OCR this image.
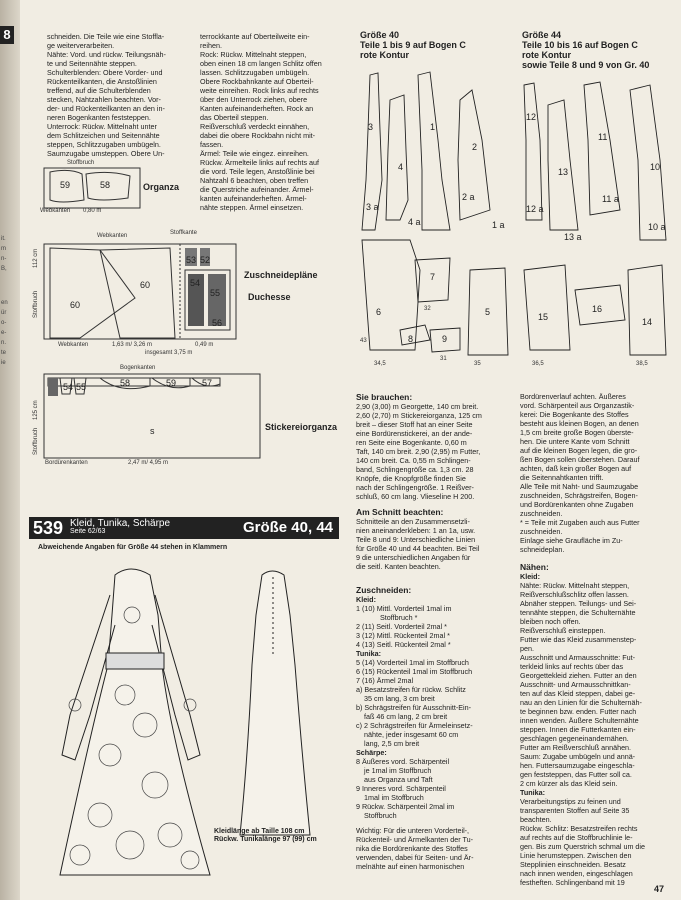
8
it.
m
n-
B,
en
ür
o-
e-
n.
te
ie

schneiden. Die Teile wie eine Stoffla-

ge weiterverarbeiten.

Nähte: Vord. und rückw. Teilungsnäh-

te und Seitennähte steppen.

Schulterblenden: Obere Vorder- und

Rückenteilkanten, die Anstoßlinien

treffend, auf die Schulterblenden

stecken, Nahtzahlen beachten. Vor-

der- und Rückenteilkanten an den in-

neren Bogenkanten feststeppen.

Unterrock: Rückw. Mittelnaht unter

dem Schlitzeichen und Seitennähte

steppen, Schlitzzugaben umbügeln.

Saumzugabe umsteppen. Obere Un-

terrockkante auf Oberteilweite ein-

reihen.

Rock: Rückw. Mittelnaht steppen,

oben einen 18 cm langen Schlitz offen

lassen. Schlitzzugaben umbügeln.

Obere Rockbahnkante auf Oberteil-

weite einreihen. Rock links auf rechts

über den Unterrock ziehen, obere

Kanten aufeinanderheften. Rock an

das Oberteil steppen.

Reißverschluß verdeckt einnähen,

dabei die obere Rockbahn nicht mit-

fassen.

Ärmel: Teile wie eingez. einreihen.

Rückw. Ärmelteile links auf rechts auf

die vord. Teile legen, Anstoßlinie bei

Nahtzahl 6 beachten, oben treffen

die Querstriche aufeinander. Ärmel-

kanten aufeinanderheften. Ärmel-

nähte steppen. Ärmel einsetzen.

59	58
Stoffbruch
Webkanten 0,80 m
Organza
60
60
53 52
54
55
56
Webkanten	Stoffkante
112 cm
Stoffbruch
Webkanten	1,63 m/ 3,26 m	0,49 m
insgesamt 3,75 m
Zuschneidepläne
Duchesse
54 55	58	59	57
s
Bogenkanten
125 cm
Stoffbruch
Bordürenkanten	2,47 m/ 4,95 m
Stickereiorganza
539 Kleid, Tunika, Schärpe
Seite 62/63	Größe 40, 44
Abweichende Angaben für Größe 44 stehen in Klammern

Kleidlänge ab Taille 108 cm

Rückw. Tunikalänge 97 (99) cm

Größe 40
Teile 1 bis 9 auf Bogen C
rote Kontur
1
2
3
3 a
4
4 a	1 a
2 a
6
7
8	9
5
43
34,5	35
32
31
Größe 44
Teile 10 bis 16 auf Bogen C
rote Kontur
sowie Teile 8 und 9 von Gr. 40
10
11
12
13
12 a
13 a
11 a
10 a
15
16
14
36,5	38,5

Sie brauchen:

2,90 (3,00) m Georgette, 140 cm breit.

2,60 (2,70) m Stickereiorganza, 125 cm

breit – dieser Stoff hat an einer Seite

eine Bordürenstickerei, an der ande-

ren Seite eine Bogenkante. 0,60 m

Taft, 140 cm breit. 2,90 (2,95) m Futter,

140 cm breit. Ca. 0,55 m Schlingen-

band, Schlingengröße ca. 1,3 cm. 28

Knöpfe, die Knopfgröße finden Sie

nach der Schlingengröße. 1 Reißver-

schluß, 60 cm lang. Vlieseline H 200.

Am Schnitt beachten:

Schnitteile an den Zusammensetzli-

nien aneinanderkleben: 1 an 1a, usw.

Teile 8 und 9: Unterschiedliche Linien

für Größe 40 und 44 beachten. Bei Teil

9 die unterschiedlichen Angaben für

die seitl. Kanten beachten.

Zuschneiden:

Kleid:

1 (10) Mittl. Vorderteil 1mal im

Stoffbruch *

2 (11) Seitl. Vorderteil 2mal *

3 (12) Mittl. Rückenteil 2mal *

4 (13) Seitl. Rückenteil 2mal *

Tunika:

5 (14) Vorderteil 1mal im Stoffbruch

6 (15) Rückenteil 1mal im Stoffbruch

7 (16) Ärmel 2mal

a) Besatzstreifen für rückw. Schlitz

35 cm lang, 3 cm breit

b) Schrägstreifen für Ausschnitt-Ein-

faß 46 cm lang, 2 cm breit

c) 2 Schrägstreifen für Ärmeleinsetz-

nähte, jeder insgesamt 60 cm

lang, 2,5 cm breit

Schärpe:

8 Äußeres vord. Schärpenteil

je 1mal im Stoffbruch

aus Organza und Taft

9 Inneres vord. Schärpenteil

1mal im Stoffbruch

9 Rückw. Schärpenteil 2mal im

Stoffbruch

Wichtig: Für die unteren Vorderteil-,

Rückenteil- und Ärmelkanten der Tu-

nika die Bordürenkante des Stoffes

verwenden, dabei für Seiten- und Är-

melnähte auf einen harmonischen

Bordürenverlauf achten. Äußeres

vord. Schärpenteil aus Organzastik-

kerei: Die Bogenkante des Stoffes

besteht aus kleinen Bogen, an denen

1,5 cm breite große Bogen überste-

hen. Die untere Kante vom Schnitt

auf die kleinen Bogen legen, die gro-

ßen Bogen sollen überstehen. Darauf

achten, daß kein großer Bogen auf

die Seitennahtkanten trifft.

Alle Teile mit Naht- und Saumzugabe

zuschneiden, Schrägstreifen, Bogen-

und Bordürenkanten ohne Zugaben

zuschneiden.

* = Teile mit Zugaben auch aus Futter

zuschneiden.

Einlage siehe Graufläche im Zu-

schneideplan.

Nähen:

Kleid:

Nähte: Rückw. Mittelnaht steppen,

Reißverschlußschlitz offen lassen.

Abnäher steppen. Teilungs- und Sei-

tennähte steppen, die Schulternähte

bleiben noch offen.

Reißverschluß einsteppen.

Futter wie das Kleid zusammenstep-

pen.

Ausschnitt und Armausschnitte: Fut-

terkleid links auf rechts über das

Georgettekleid ziehen. Futter an den

Ausschnitt- und Armausschnittkan-

ten auf das Kleid steppen, dabei ge-

nau an den Linien für die Schulternäh-

te beginnen bzw. enden. Futter nach

innen wenden. Äußere Schulternähte

steppen. Innen die Futterkanten ein-

geschlagen gegeneinandernähen.

Futter am Reißverschluß annähen.

Saum: Zugabe umbügeln und annä-

hen. Futtersaumzugabe eingeschla-

gen feststeppen, das Futter soll ca.

2 cm kürzer als das Kleid sein.

Tunika:

Verarbeitungstips zu feinen und

transparenten Stoffen auf Seite 35

beachten.

Rückw. Schlitz: Besatzstreifen rechts

auf rechts auf die Stoffbruchlinie le-

gen. Bis zum Querstrich schmal um die

Linie herumsteppen. Zwischen den

Stepplinien einschneiden. Besatz

nach innen wenden, eingeschlagen

festheften. Schlingenband mit 19

47
